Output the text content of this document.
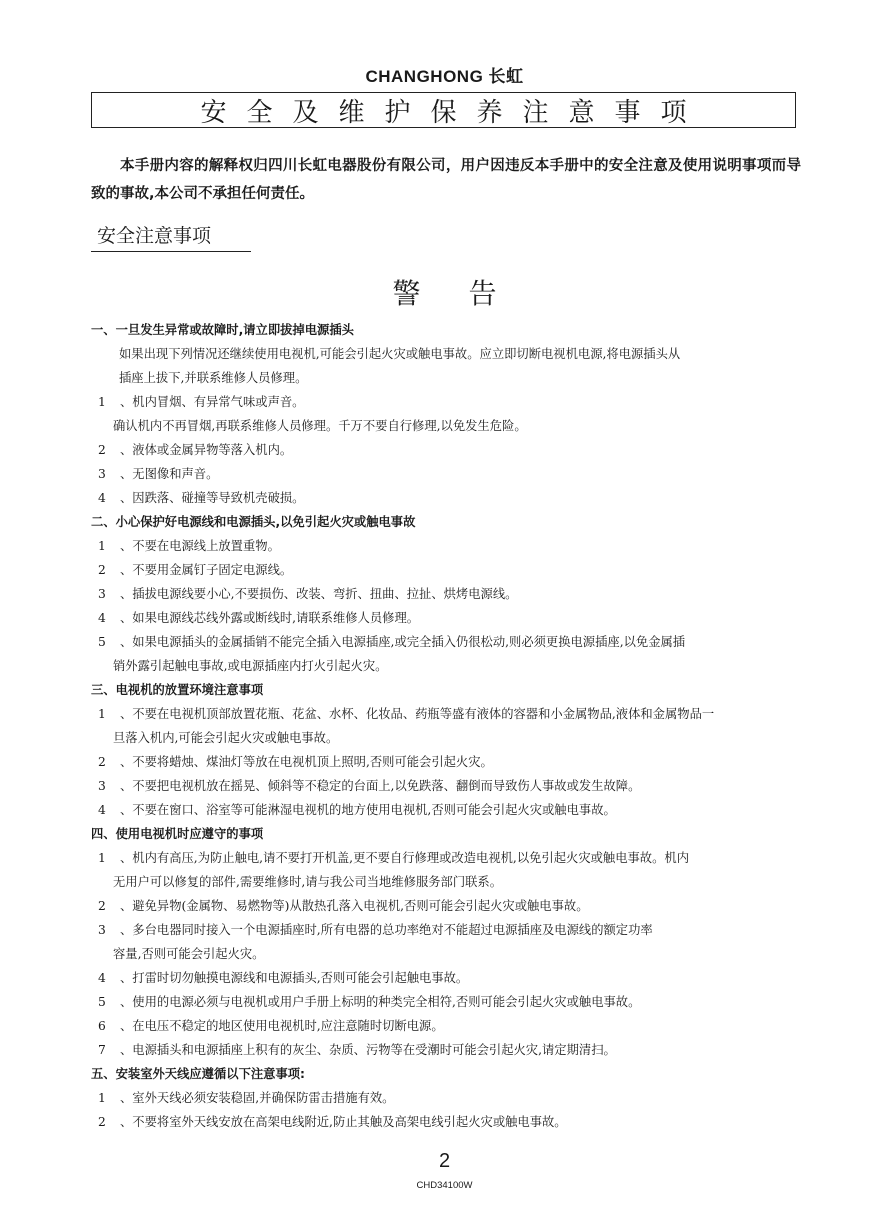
CHANGHONG 长虹
安全及维护保养注意事项
本手册内容的解释权归四川长虹电器股份有限公司，用户因违反本手册中的安全注意及使用说明事项而导致的事故,本公司不承担任何责任。
安全注意事项
警告
一、一旦发生异常或故障时,请立即拔掉电源插头
如果出现下列情况还继续使用电视机,可能会引起火灾或触电事故。应立即切断电视机电源,将电源插头从
插座上拔下,并联系维修人员修理。
1	、机内冒烟、有异常气味或声音。
确认机内不再冒烟,再联系维修人员修理。千万不要自行修理,以免发生危险。
2	、液体或金属异物等落入机内。
3	、无图像和声音。
4	、因跌落、碰撞等导致机壳破损。
二、小心保护好电源线和电源插头,以免引起火灾或触电事故
1	、不要在电源线上放置重物。
2	、不要用金属钉子固定电源线。
3	、插拔电源线要小心,不要损伤、改装、弯折、扭曲、拉扯、烘烤电源线。
4	、如果电源线芯线外露或断线时,请联系维修人员修理。
5	、如果电源插头的金属插销不能完全插入电源插座,或完全插入仍很松动,则必须更换电源插座,以免金属插
销外露引起触电事故,或电源插座内打火引起火灾。
三、电视机的放置环境注意事项
1	、不要在电视机顶部放置花瓶、花盆、水杯、化妆品、药瓶等盛有液体的容器和小金属物品,液体和金属物品一
旦落入机内,可能会引起火灾或触电事故。
2	、不要将蜡烛、煤油灯等放在电视机顶上照明,否则可能会引起火灾。
3	、不要把电视机放在摇晃、倾斜等不稳定的台面上,以免跌落、翻倒而导致伤人事故或发生故障。
4	、不要在窗口、浴室等可能淋湿电视机的地方使用电视机,否则可能会引起火灾或触电事故。
四、使用电视机时应遵守的事项
1	、机内有高压,为防止触电,请不要打开机盖,更不要自行修理或改造电视机,以免引起火灾或触电事故。机内
无用户可以修复的部件,需要维修时,请与我公司当地维修服务部门联系。
2	、避免异物(金属物、易燃物等)从散热孔落入电视机,否则可能会引起火灾或触电事故。
3	、多台电器同时接入一个电源插座时,所有电器的总功率绝对不能超过电源插座及电源线的额定功率
容量,否则可能会引起火灾。
4	、打雷时切勿触摸电源线和电源插头,否则可能会引起触电事故。
5	、使用的电源必须与电视机或用户手册上标明的种类完全相符,否则可能会引起火灾或触电事故。
6	、在电压不稳定的地区使用电视机时,应注意随时切断电源。
7	、电源插头和电源插座上积有的灰尘、杂质、污物等在受潮时可能会引起火灾,请定期清扫。
五、安装室外天线应遵循以下注意事项:
1	、室外天线必须安装稳固,并确保防雷击措施有效。
2	、不要将室外天线安放在高架电线附近,防止其触及高架电线引起火灾或触电事故。
2
CHD34100W
